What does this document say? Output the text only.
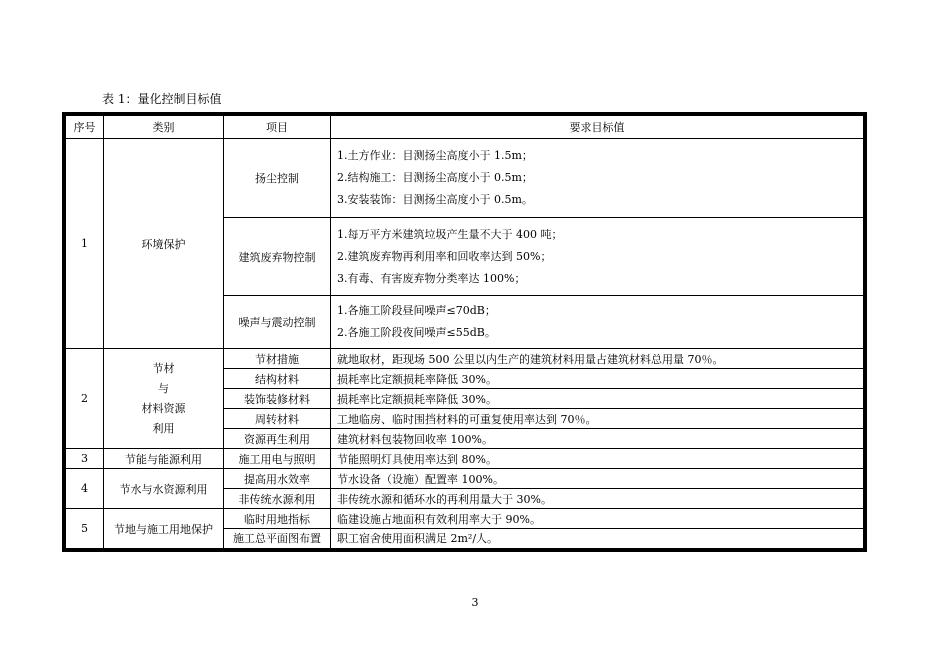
表 1：量化控制目标值
序号	类别	项目	要求目标值
1	环境保护	扬尘控制	1.土方作业：目测扬尘高度小于 1.5m；
2.结构施工：目测扬尘高度小于 0.5m；
3.安装装饰：目测扬尘高度小于 0.5m。

		建筑废弃物控制	1.每万平方米建筑垃圾产生量不大于 400 吨；
2.建筑废弃物再利用率和回收率达到 50%；
3.有毒、有害废弃物分类率达 100%；

		噪声与震动控制	1.各施工阶段昼间噪声≤70dB；
2.各施工阶段夜间噪声≤55dB。

2	节材
与
材料资源
利用	节材措施	就地取材，距现场 500 公里以内生产的建筑材料用量占建筑材料总用量 70％。
		结构材料	损耗率比定额损耗率降低 30%。
		装饰装修材料	损耗率比定额损耗率降低 30%。
		周转材料	工地临房、临时围挡材料的可重复使用率达到 70％。
		资源再生利用	建筑材料包装物回收率 100%。
3	节能与能源利用	施工用电与照明	节能照明灯具使用率达到 80%。
4	节水与水资源利用	提高用水效率	节水设备（设施）配置率 100%。
		非传统水源利用	非传统水源和循环水的再利用量大于 30%。
5	节地与施工用地保护	临时用地指标	临建设施占地面积有效利用率大于 90%。
		施工总平面图布置	职工宿舍使用面积满足 2m²/人。
3
